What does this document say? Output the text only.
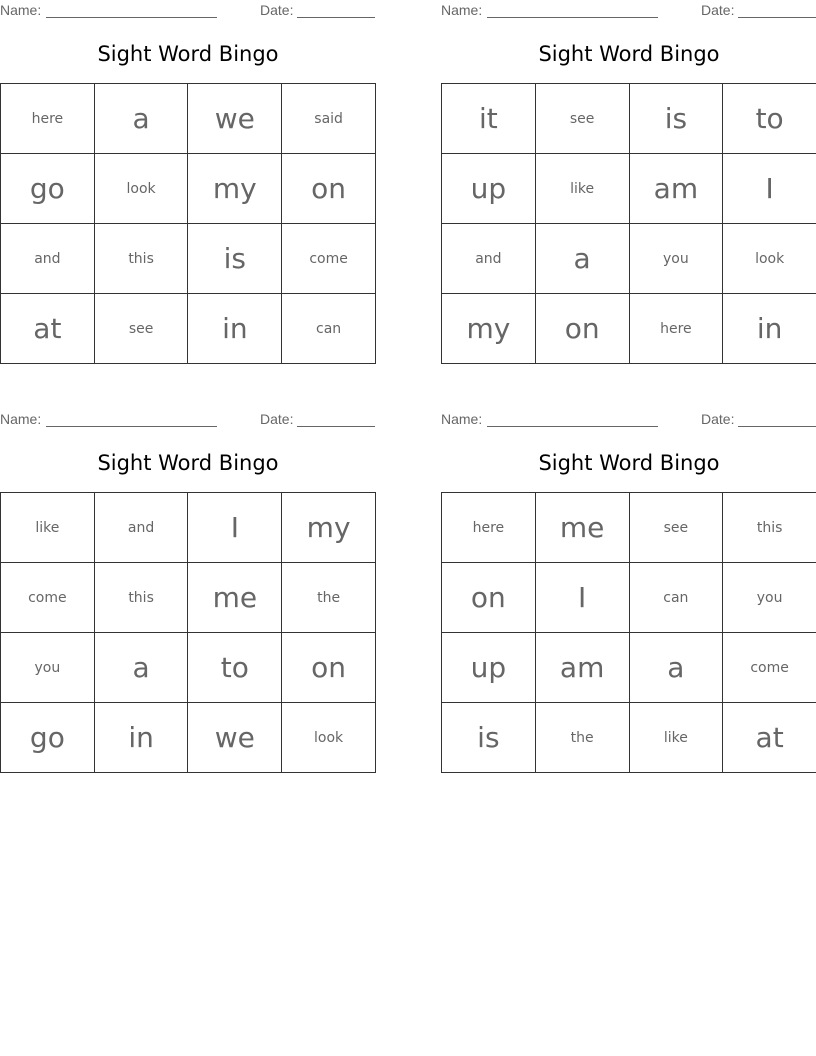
Name:	Date:
Sight Word Bingo
here	a	we	said
go	look	my	on
and	this	is	come
at	see	in	can
Name:	Date:
Sight Word Bingo
it	see	is	to
up	like	am	I
and	a	you	look
my	on	here	in
Name:	Date:
Sight Word Bingo
like	and	I	my
come	this	me	the
you	a	to	on
go	in	we	look
Name:	Date:
Sight Word Bingo
here	me	see	this
on	I	can	you
up	am	a	come
is	the	like	at
